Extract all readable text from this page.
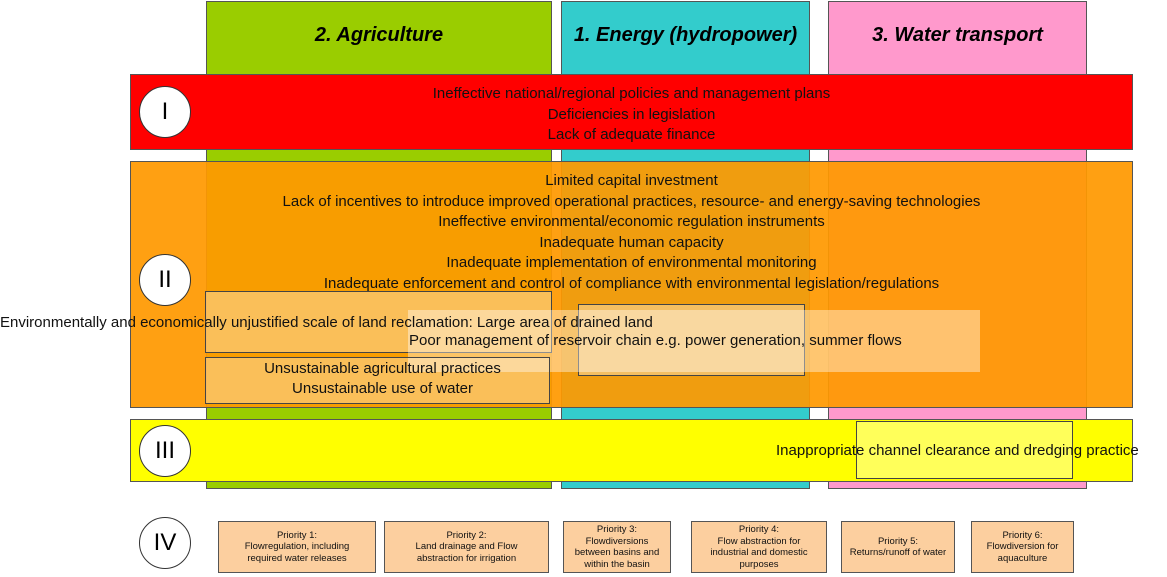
2. Agriculture	1. Energy (hydropower)	3. Water transport
Ineffective national/regional policies and management plans
Deficiencies in legislation
Lack of adequate finance
I
Limited capital investment
Lack of incentives to introduce improved operational practices, resource- and energy-saving technologies
Ineffective environmental/economic regulation instruments
Inadequate human capacity
Inadequate implementation of environmental monitoring
Inadequate enforcement and control of compliance with environmental legislation/regulations
II
Environmentally and economically unjustified scale of land reclamation: Large area of drained land
Poor management of reservoir chain e.g. power generation, summer flows
Unsustainable agricultural practices
Unsustainable use of water
III	Inappropriate channel clearance and dredging practice
IV	Priority 1:
Flowregulation, including
required water releases
Priority 2:
Land drainage and Flow
abstraction for irrigation
Priority 3:
Flowdiversions
between basins and
within the basin
Priority 4:
Flow abstraction for
industrial and domestic
purposes
Priority 5:
Returns/runoff of water
Priority 6:
Flowdiversion for
aquaculture
